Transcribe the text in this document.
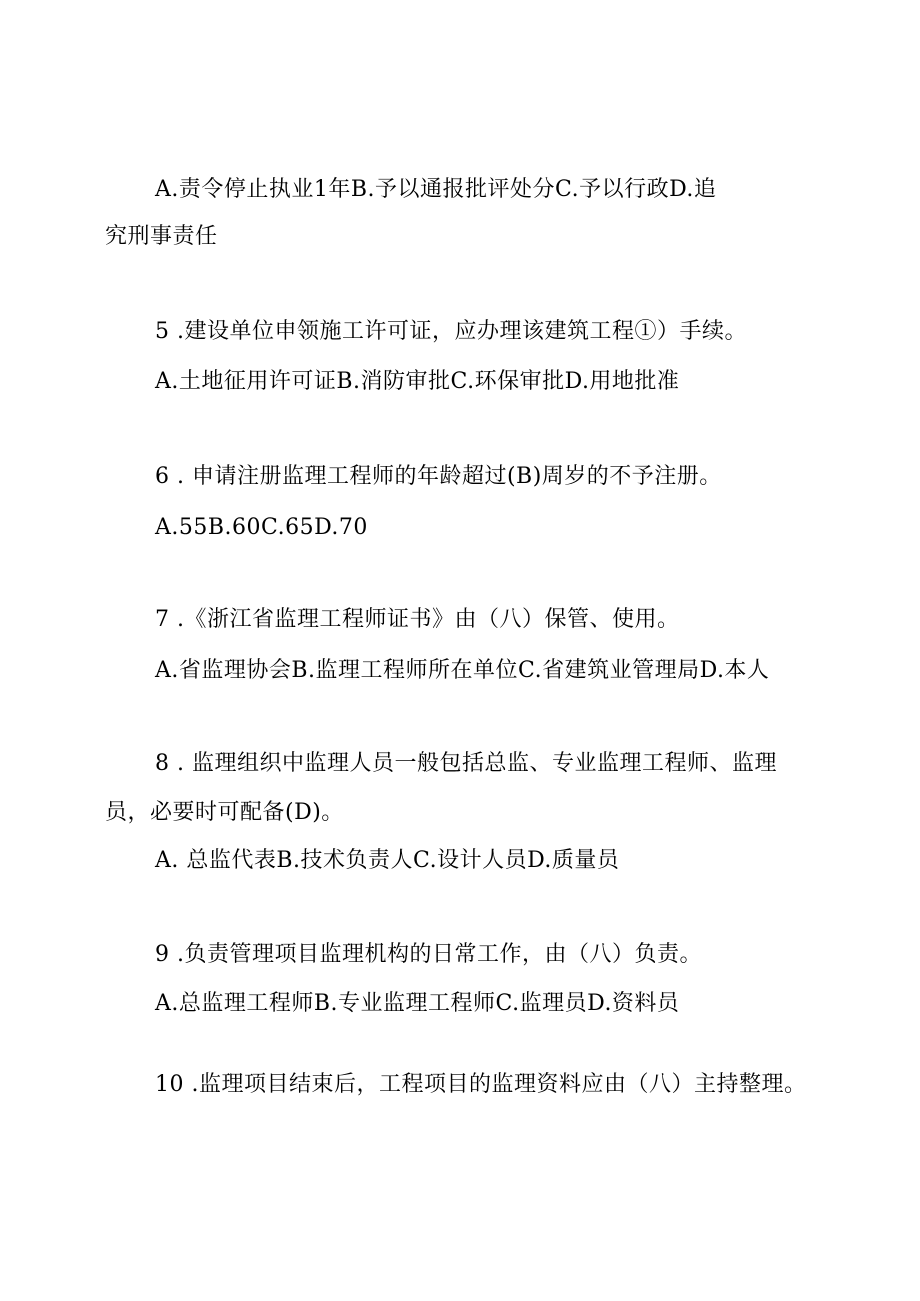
A.责令停止执业1年B.予以通报批评处分C.予以行政D.追
究刑事责任
5 .建设单位申领施工许可证，应办理该建筑工程①）手续。
A.土地征用许可证B.消防审批C.环保审批D.用地批准
6 . 申请注册监理工程师的年龄超过(B)周岁的不予注册。
A.55B.60C.65D.70
7 .《浙江省监理工程师证书》由（八）保管、使用。
A.省监理协会B.监理工程师所在单位C.省建筑业管理局D.本人
8 . 监理组织中监理人员一般包括总监、专业监理工程师、监理
员，必要时可配备(D)。
A. 总监代表B.技术负责人C.设计人员D.质量员
9 .负责管理项目监理机构的日常工作，由（八）负责。
A.总监理工程师B.专业监理工程师C.监理员D.资料员
10 .监理项目结束后，工程项目的监理资料应由（八）主持整理。
